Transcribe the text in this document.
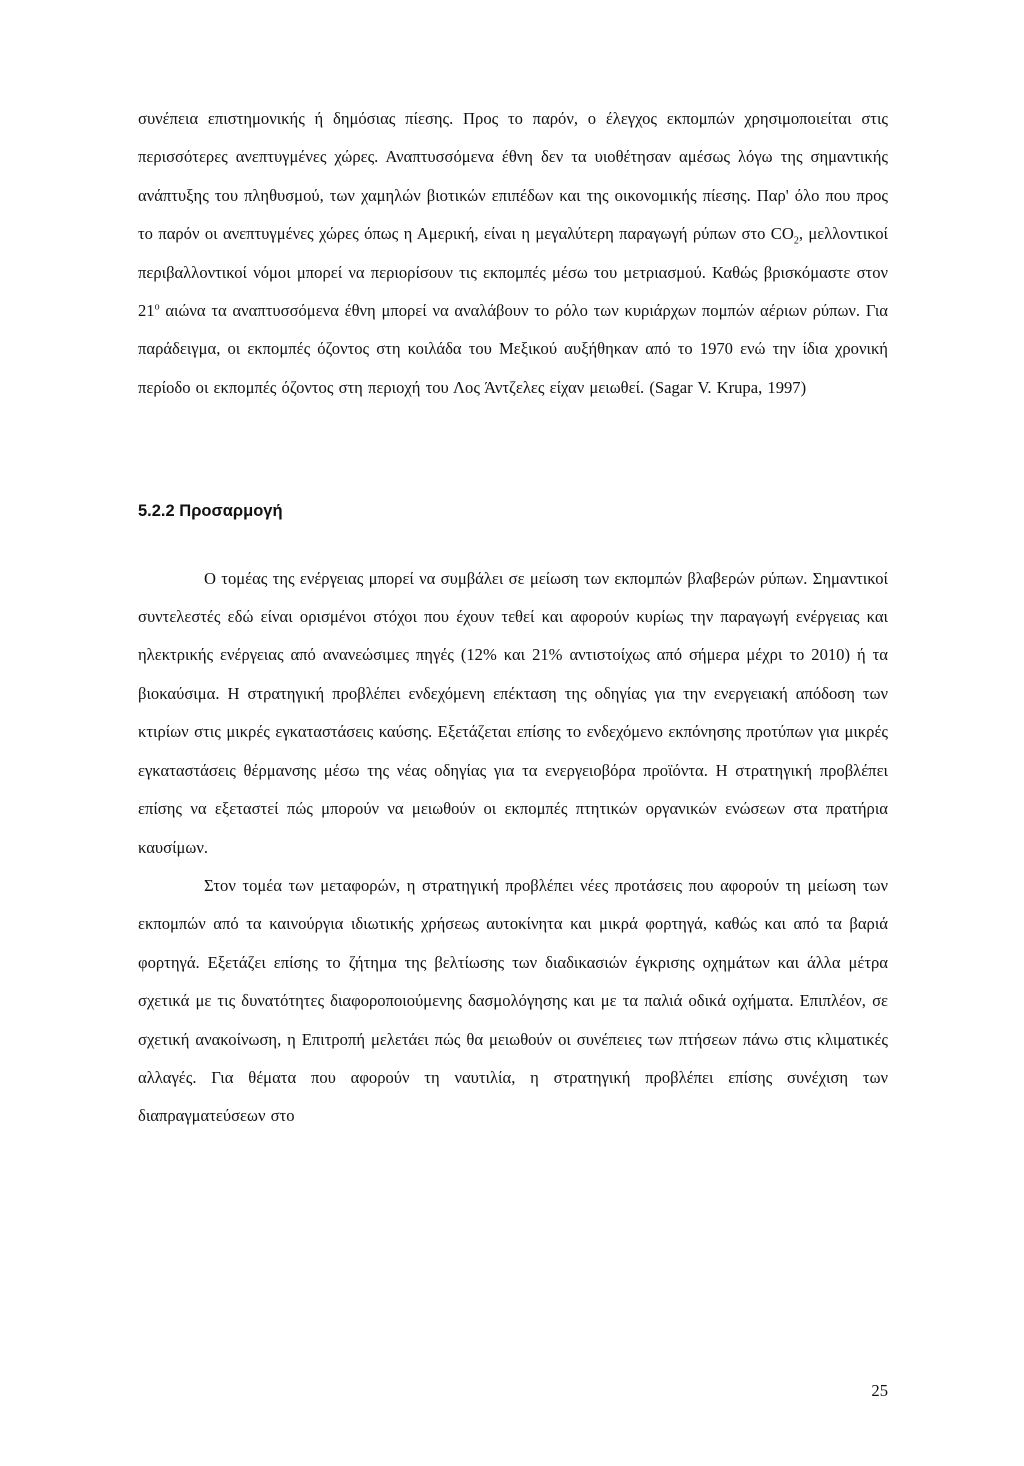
συνέπεια επιστημονικής ή δημόσιας πίεσης. Προς το παρόν, ο έλεγχος εκπομπών χρησιμοποιείται στις περισσότερες ανεπτυγμένες χώρες. Αναπτυσσόμενα έθνη δεν τα υιοθέτησαν αμέσως λόγω της σημαντικής ανάπτυξης του πληθυσμού, των χαμηλών βιοτικών επιπέδων και της οικονομικής πίεσης. Παρ' όλο που προς το παρόν οι ανεπτυγμένες χώρες όπως η Αμερική, είναι η μεγαλύτερη παραγωγή ρύπων στο $CO_2$, μελλοντικοί περιβαλλοντικοί νόμοι μπορεί να περιορίσουν τις εκπομπές μέσω του μετριασμού. Καθώς βρισκόμαστε στον $21^o$ αιώνα τα αναπτυσσόμενα έθνη μπορεί να αναλάβουν το ρόλο των κυριάρχων πομπών αέριων ρύπων. Για παράδειγμα, οι εκπομπές όζοντος στη κοιλάδα του Μεξικού αυξήθηκαν από το 1970 ενώ την ίδια χρονική περίοδο οι εκπομπές όζοντος στη περιοχή του Λος Άντζελες είχαν μειωθεί. (Sagar V. Krupa, 1997)

5.2.2 Προσαρμογή

Ο τομέας της ενέργειας μπορεί να συμβάλει σε μείωση των εκπομπών βλαβερών ρύπων. Σημαντικοί συντελεστές εδώ είναι ορισμένοι στόχοι που έχουν τεθεί και αφορούν κυρίως την παραγωγή ενέργειας και ηλεκτρικής ενέργειας από ανανεώσιμες πηγές (12% και 21% αντιστοίχως από σήμερα μέχρι το 2010) ή τα βιοκαύσιμα. Η στρατηγική προβλέπει ενδεχόμενη επέκταση της οδηγίας για την ενεργειακή απόδοση των κτιρίων στις μικρές εγκαταστάσεις καύσης. Εξετάζεται επίσης το ενδεχόμενο εκπόνησης προτύπων για μικρές εγκαταστάσεις θέρμανσης μέσω της νέας οδηγίας για τα ενεργειοβόρα προϊόντα. Η στρατηγική προβλέπει επίσης να εξεταστεί πώς μπορούν να μειωθούν οι εκπομπές πτητικών οργανικών ενώσεων στα πρατήρια καυσίμων.

Στον τομέα των μεταφορών, η στρατηγική προβλέπει νέες προτάσεις που αφορούν τη μείωση των εκπομπών από τα καινούργια ιδιωτικής χρήσεως αυτοκίνητα και μικρά φορτηγά, καθώς και από τα βαριά φορτηγά. Εξετάζει επίσης το ζήτημα της βελτίωσης των διαδικασιών έγκρισης οχημάτων και άλλα μέτρα σχετικά με τις δυνατότητες διαφοροποιούμενης δασμολόγησης και με τα παλιά οδικά οχήματα. Επιπλέον, σε σχετική ανακοίνωση, η Επιτροπή μελετάει πώς θα μειωθούν οι συνέπειες των πτήσεων πάνω στις κλιματικές αλλαγές. Για θέματα που αφορούν τη ναυτιλία, η στρατηγική προβλέπει επίσης συνέχιση των διαπραγματεύσεων στο

25
